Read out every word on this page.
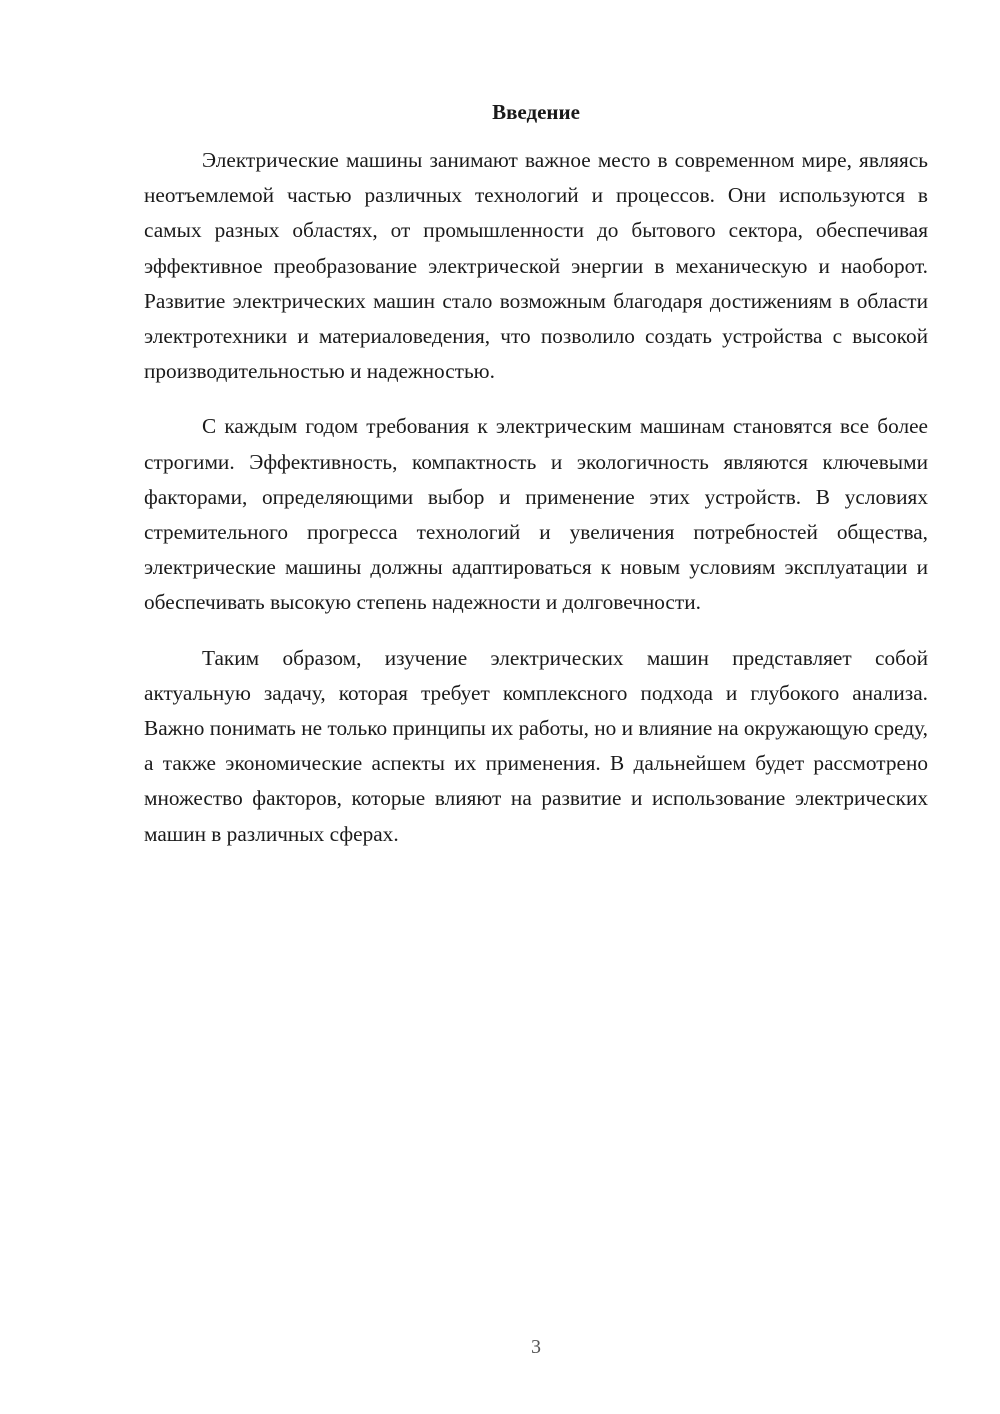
Введение

Электрические машины занимают важное место в современном мире, являясь неотъемлемой частью различных технологий и процессов. Они используются в самых разных областях, от промышленности до бытового сектора, обеспечивая эффективное преобразование электрической энергии в механическую и наоборот. Развитие электрических машин стало возможным благодаря достижениям в области электротехники и материаловедения, что позволило создать устройства с высокой производительностью и надежностью.

С каждым годом требования к электрическим машинам становятся все более строгими. Эффективность, компактность и экологичность являются ключевыми факторами, определяющими выбор и применение этих устройств. В условиях стремительного прогресса технологий и увеличения потребностей общества, электрические машины должны адаптироваться к новым условиям эксплуатации и обеспечивать высокую степень надежности и долговечности.

Таким образом, изучение электрических машин представляет собой актуальную задачу, которая требует комплексного подхода и глубокого анализа. Важно понимать не только принципы их работы, но и влияние на окружающую среду, а также экономические аспекты их применения. В дальнейшем будет рассмотрено множество факторов, которые влияют на развитие и использование электрических машин в различных сферах.

3
